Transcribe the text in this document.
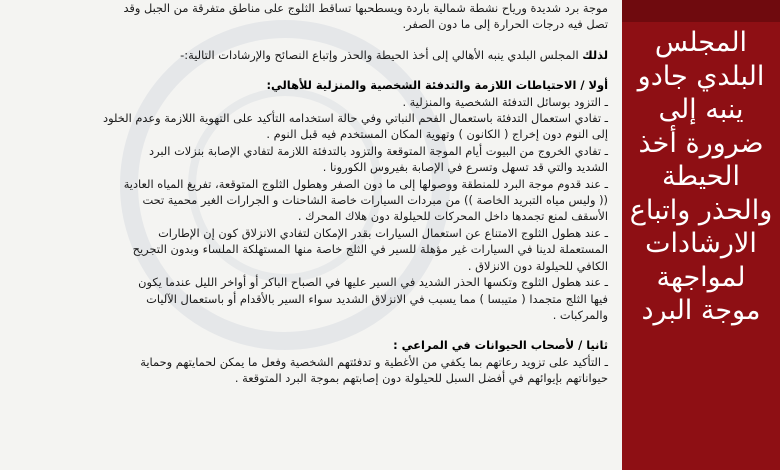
موجة برد شديدة ورياح نشطة شمالية باردة ويسطحبها تساقط الثلوج على مناطق متفرقة من الجبل وقد

تصل فيه درجات الحرارة إلى ما دون الصفر.

لذلك المجلس البلدي ينبه الأهالي إلى أخذ الحيطة والحذر وإتباع النصائح والإرشادات التالية:-

أولا / الاحتياطات اللازمة والتدفئة الشخصية والمنزلية للأهالي:

ـ التزود بوسائل التدفئة الشخصية والمنزلية .

ـ تفادي استعمال التدفئة باستعمال الفحم النباتي وفي حالة استخدامه التأكيد على التهوية اللازمة وعدم الخلود

إلى النوم دون إخراج ( الكانون ) وتهوية المكان المستخدم فيه قبل النوم .

ـ تفادي الخروج من البيوت أيام الموجة المتوقعة والتزود بالتدفئة اللازمة لتفادي الإصابة بنزلات البرد

الشديد والتي قد تسهل وتسرع في الإصابة بفيروس الكورونا .

ـ عند قدوم موجة البرد للمنطقة ووصولها إلى ما دون الصفر وهطول الثلوج المتوقعة، تفريغ المياه العادية

(( وليس مياه التبريد الخاصة )) من مبردات السيارات خاصة الشاحنات و الجرارات الغير محمية تحت

الأسقف لمنع تجمدها داخل المحركات للحيلولة دون هلاك المحرك .

ـ عند هطول الثلوج الامتناع عن استعمال السيارات بقدر الإمكان لتفادي الانزلاق كون إن الإطارات

المستعملة لدينا في السيارات غير مؤهلة للسير في الثلج خاصة منها المستهلكة الملساء وبدون التجريح

الكافي للحيلولة دون الانزلاق .

ـ عند هطول الثلوج وتكسها الحذر الشديد في السير عليها في الصباح الباكر أو أواخر الليل عندما يكون

فيها الثلج متجمدا ( متيبسا ) مما يسبب في الانزلاق الشديد سواء السير بالأقدام أو باستعمال الآليات

والمركبات .

ثانيا / لأصحاب الحيوانات في المراعي :

ـ التأكيد على تزويد رعاتهم بما يكفي من الأغطية و تدفئتهم الشخصية وفعل ما يمكن لحمايتهم وحماية

حيواناتهم بإيوائهم في أفضل السبل للحيلولة دون إصابتهم بموجة البرد المتوقعة .

المجلس البلدي جادو ينبه إلى ضرورة أخذ الحيطة والحذر واتباع الارشادات لمواجهة موجة البرد
